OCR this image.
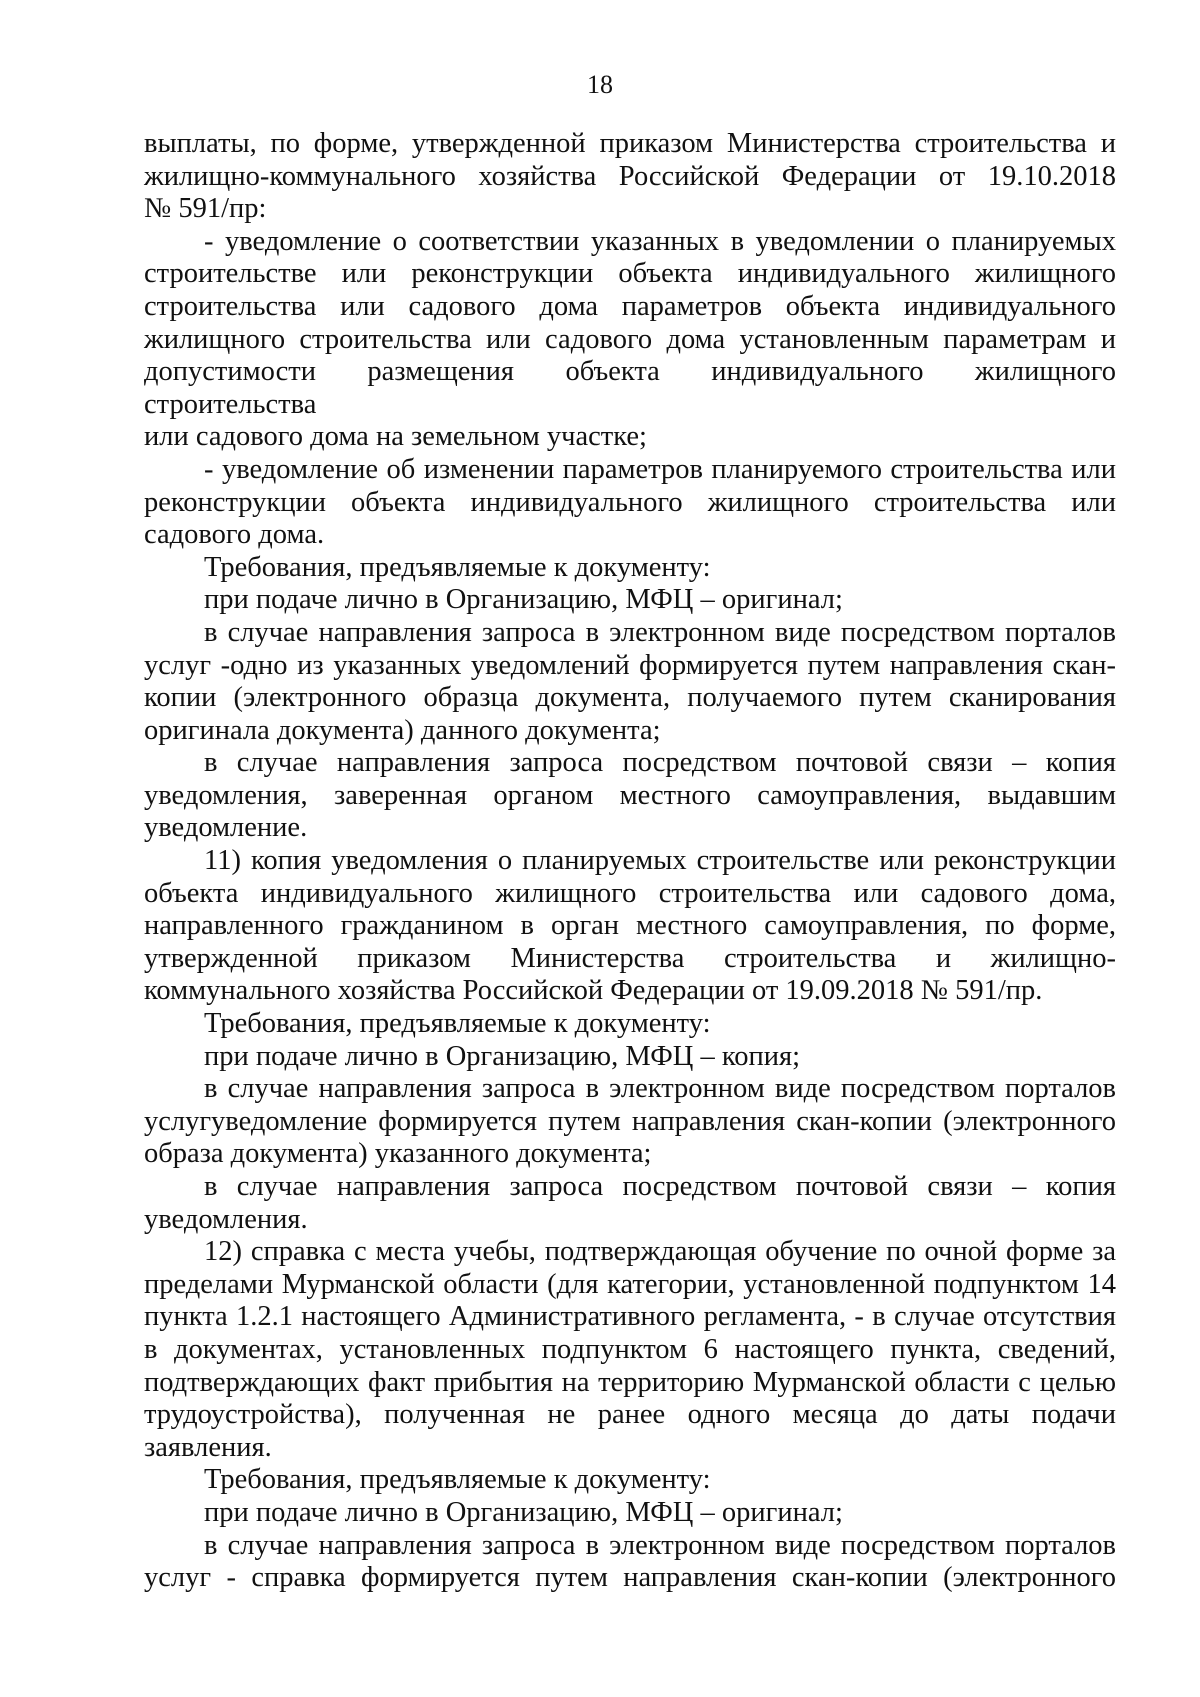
18

выплаты, по форме, утвержденной приказом Министерства строительства и

жилищно-коммунального хозяйства Российской Федерации от 19.10.2018

№ 591/пр:

- уведомление о соответствии указанных в уведомлении о планируемых

строительстве или реконструкции объекта индивидуального жилищного

строительства или садового дома параметров объекта индивидуального

жилищного строительства или садового дома установленным параметрам и

допустимости размещения объекта индивидуального жилищного строительства

или садового дома на земельном участке;

- уведомление об изменении параметров планируемого строительства или

реконструкции объекта индивидуального жилищного строительства или

садового дома.

Требования, предъявляемые к документу:

при подаче лично в Организацию, МФЦ – оригинал;

в случае направления запроса в электронном виде посредством порталов

услуг -одно из указанных уведомлений формируется путем направления скан-

копии (электронного образца документа, получаемого путем сканирования

оригинала документа) данного документа;

в случае направления запроса посредством почтовой связи – копия

уведомления, заверенная органом местного самоуправления, выдавшим

уведомление.

11) копия уведомления о планируемых строительстве или реконструкции

объекта индивидуального жилищного строительства или садового дома,

направленного гражданином в орган местного самоуправления, по форме,

утвержденной приказом Министерства строительства и жилищно-

коммунального хозяйства Российской Федерации от 19.09.2018 № 591/пр.

Требования, предъявляемые к документу:

при подаче лично в Организацию, МФЦ – копия;

в случае направления запроса в электронном виде посредством порталов

услугуведомление формируется путем направления скан-копии (электронного

образа документа) указанного документа;

в случае направления запроса посредством почтовой связи – копия

уведомления.

12) справка с места учебы, подтверждающая обучение по очной форме за

пределами Мурманской области (для категории, установленной подпунктом 14

пункта 1.2.1 настоящего Административного регламента, - в случае отсутствия

в документах, установленных подпунктом 6 настоящего пункта, сведений,

подтверждающих факт прибытия на территорию Мурманской области с целью

трудоустройства), полученная не ранее одного месяца до даты подачи

заявления.

Требования, предъявляемые к документу:

при подаче лично в Организацию, МФЦ – оригинал;

в случае направления запроса в электронном виде посредством порталов

услуг - справка формируется путем направления скан-копии (электронного
